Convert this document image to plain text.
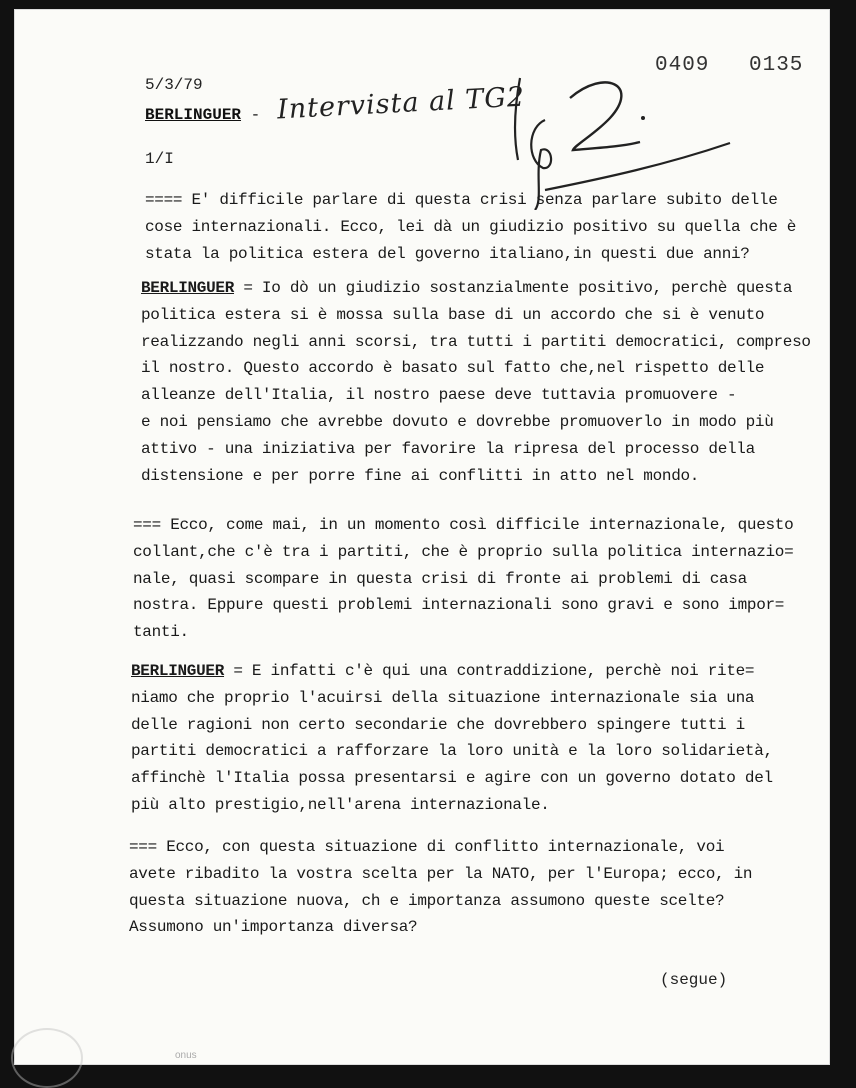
0409 0135
5/3/79
BERLINGUER - Intervista al TG2
1/I

==== E' difficile parlare di questa crisi senza parlare subito delle
cose internazionali. Ecco, lei dà un giudizio positivo su quella che è
stata la politica estera del governo italiano,in questi due anni?

BERLINGUER = Io dò un giudizio sostanzialmente positivo, perchè questa
politica estera si è mossa sulla base di un accordo che si è venuto
realizzando negli anni scorsi, tra tutti i partiti democratici, compreso
il nostro. Questo accordo è basato sul fatto che,nel rispetto delle
alleanze dell'Italia, il nostro paese deve tuttavia promuovere -
e noi pensiamo che avrebbe dovuto e dovrebbe promuoverlo in modo più
attivo - una iniziativa per favorire la ripresa del processo della
distensione e per porre fine ai conflitti in atto nel mondo.

=== Ecco, come mai, in un momento così difficile internazionale, questo
collant,che c'è tra i partiti, che è proprio sulla politica internazio=
nale, quasi scompare in questa crisi di fronte ai problemi di casa
nostra. Eppure questi problemi internazionali sono gravi e sono impor=
tanti.

BERLINGUER = E infatti c'è qui una contraddizione, perchè noi rite=
niamo che proprio l'acuirsi della situazione internazionale sia una
delle ragioni non certo secondarie che dovrebbero spingere tutti i
partiti democratici a rafforzare la loro unità e la loro solidarietà,
affinchè l'Italia possa presentarsi e agire con un governo dotato del
più alto prestigio,nell'arena internazionale.

=== Ecco, con questa situazione di conflitto internazionale, voi
avete ribadito la vostra scelta per la NATO, per l'Europa; ecco, in
questa situazione nuova, ch e importanza assumono queste scelte?
Assumono un'importanza diversa?

(segue)
onus
